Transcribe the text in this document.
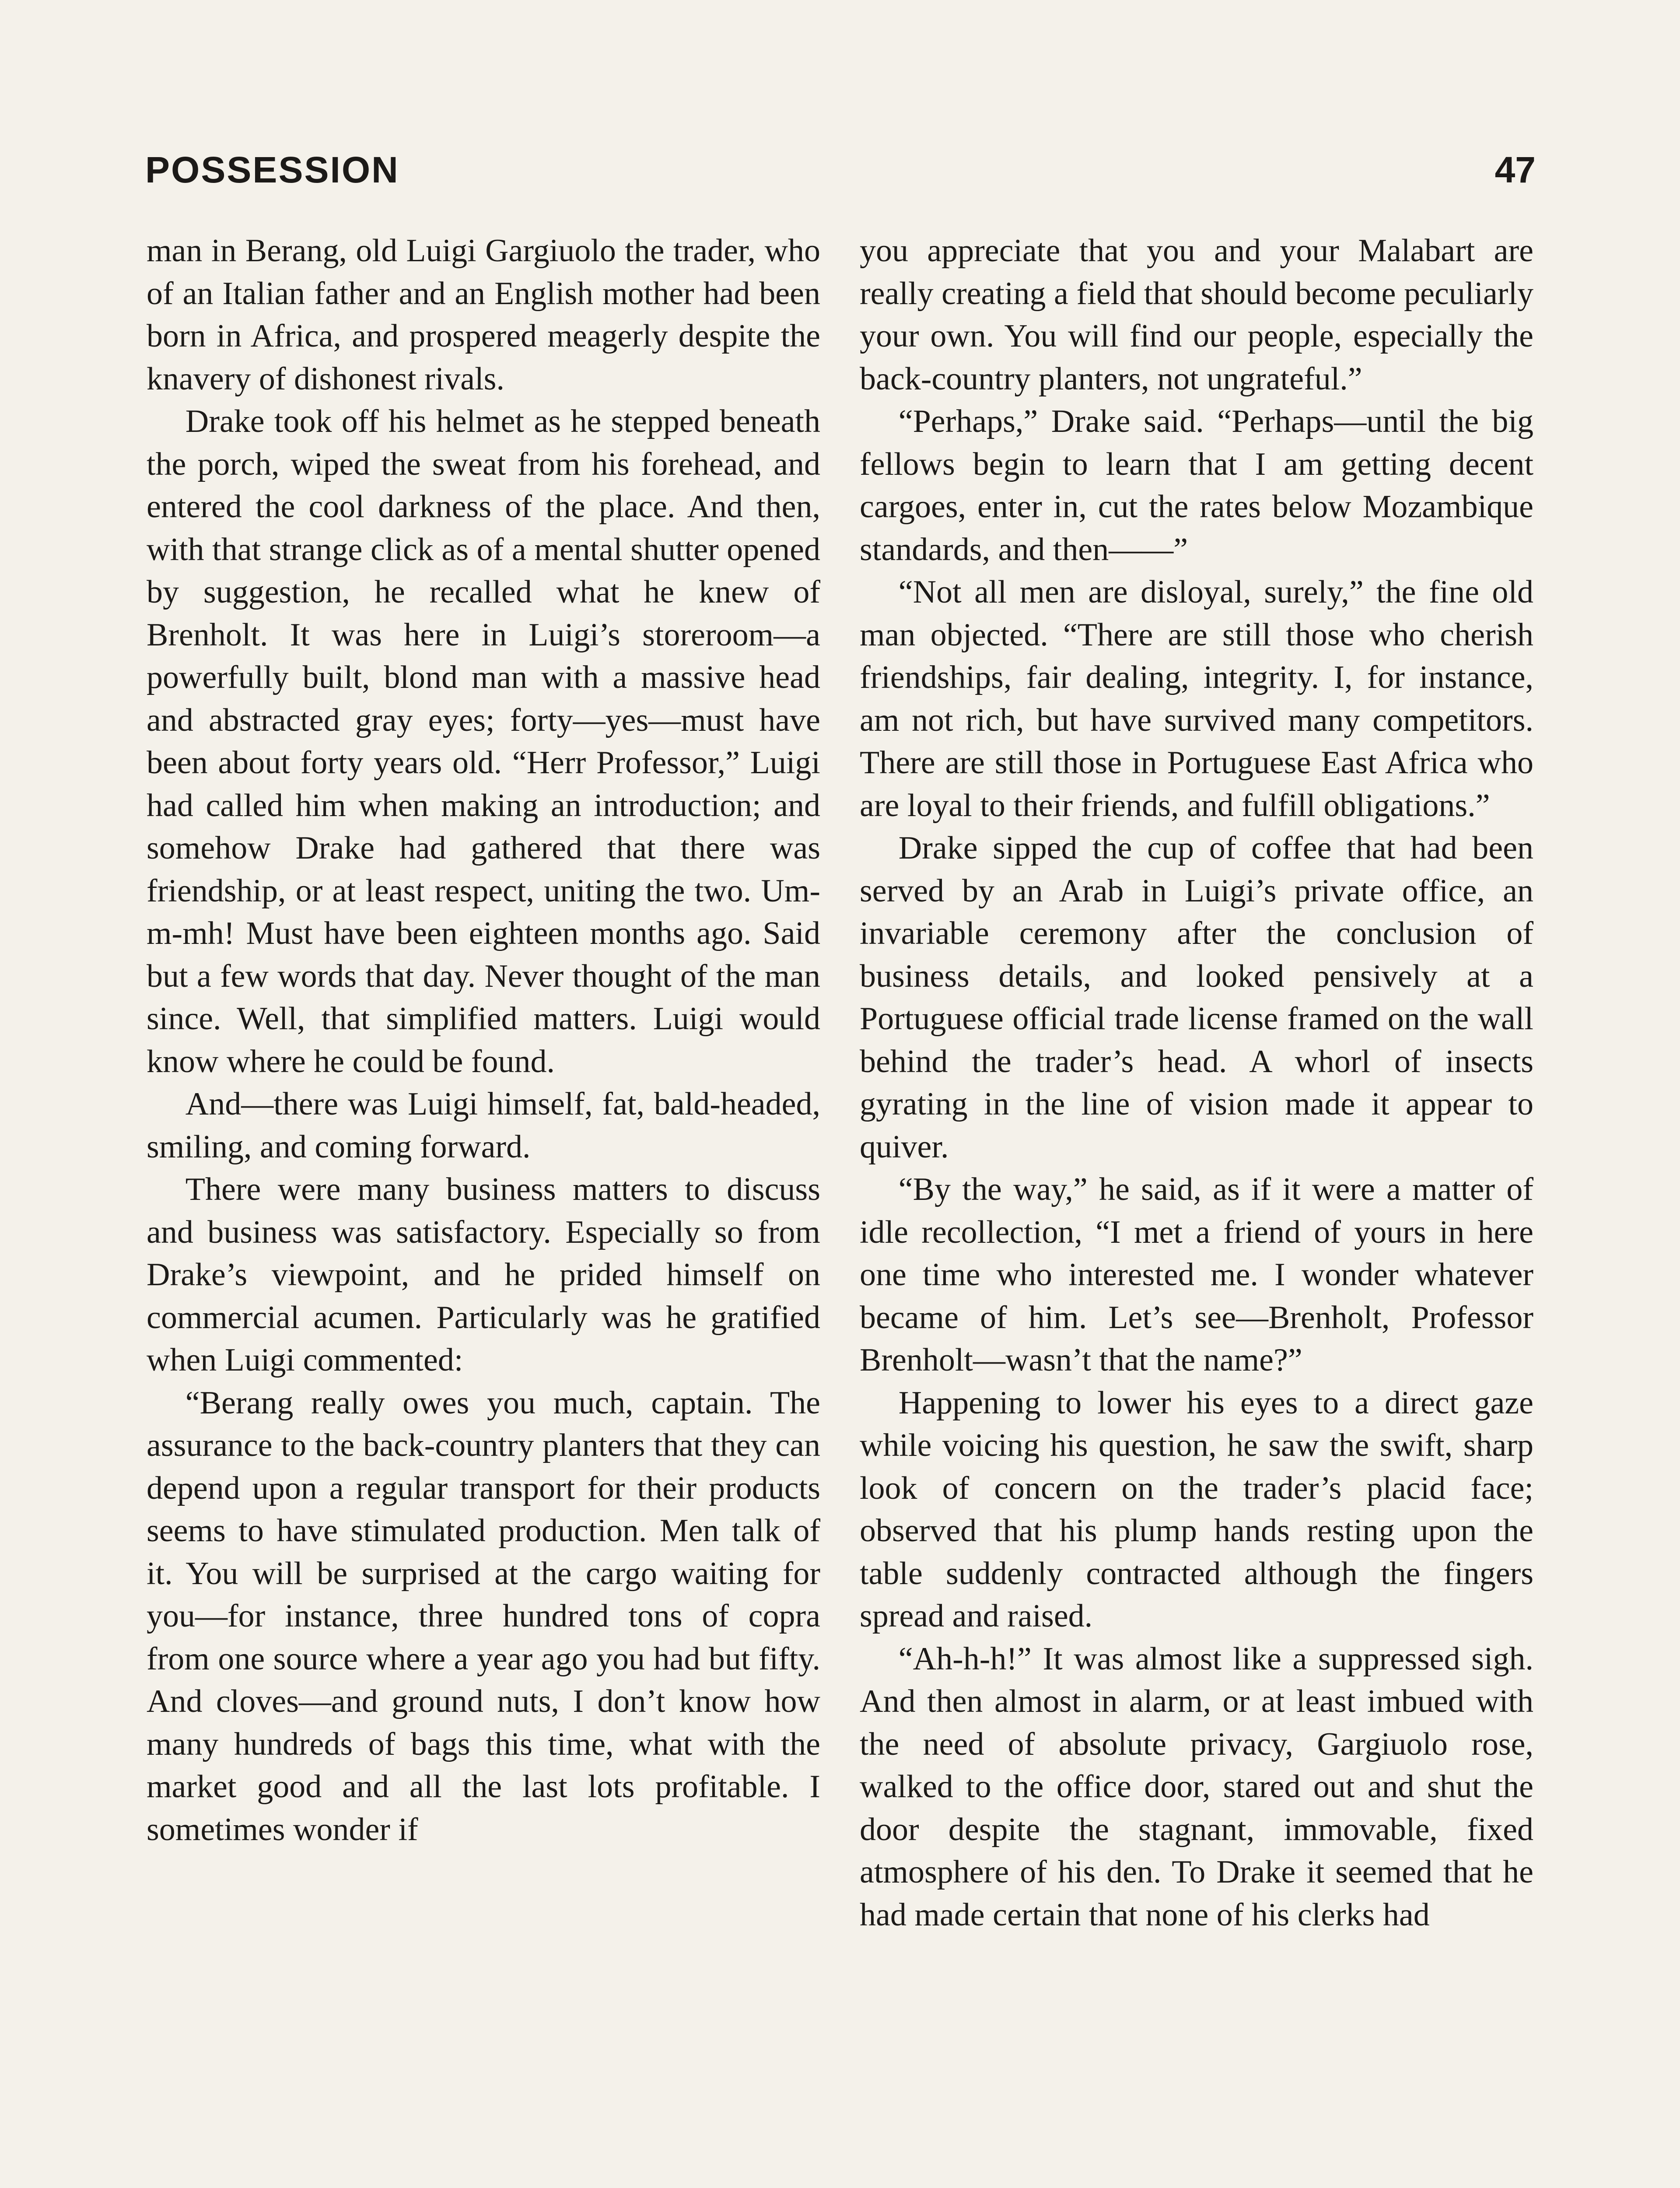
POSSESSION	47

man in Berang, old Luigi Gargiuolo the trader, who of an Italian father and an English mother had been born in Africa, and prospered meagerly despite the knavery of dishonest rivals.

Drake took off his helmet as he stepped beneath the porch, wiped the sweat from his forehead, and entered the cool darkness of the place. And then, with that strange click as of a mental shutter opened by suggestion, he recalled what he knew of Brenholt. It was here in Luigi’s storeroom—a powerfully built, blond man with a massive head and abstracted gray eyes; forty—yes—must have been about forty years old. “Herr Professor,” Luigi had called him when making an introduction; and somehow Drake had gathered that there was friendship, or at least respect, uniting the two. Um-m-mh! Must have been eighteen months ago. Said but a few words that day. Never thought of the man since. Well, that simplified matters. Luigi would know where he could be found.

And—there was Luigi himself, fat, bald-headed, smiling, and coming forward.

There were many business matters to discuss and business was satisfactory. Especially so from Drake’s viewpoint, and he prided himself on commercial acumen. Particularly was he gratified when Luigi commented:

“Berang really owes you much, captain. The assurance to the back-country planters that they can depend upon a regular transport for their products seems to have stimulated production. Men talk of it. You will be surprised at the cargo waiting for you—for instance, three hundred tons of copra from one source where a year ago you had but fifty. And cloves—and ground nuts, I don’t know how many hundreds of bags this time, what with the market good and all the last lots profitable. I sometimes wonder if

you appreciate that you and your Malabart are really creating a field that should become peculiarly your own. You will find our people, especially the back-country planters, not ungrateful.”

“Perhaps,” Drake said. “Perhaps—until the big fellows begin to learn that I am getting decent cargoes, enter in, cut the rates below Mozambique standards, and then——”

“Not all men are disloyal, surely,” the fine old man objected. “There are still those who cherish friendships, fair dealing, integrity. I, for instance, am not rich, but have survived many competitors. There are still those in Portuguese East Africa who are loyal to their friends, and fulfill obligations.”

Drake sipped the cup of coffee that had been served by an Arab in Luigi’s private office, an invariable ceremony after the conclusion of business details, and looked pensively at a Portuguese official trade license framed on the wall behind the trader’s head. A whorl of insects gyrating in the line of vision made it appear to quiver.

“By the way,” he said, as if it were a matter of idle recollection, “I met a friend of yours in here one time who interested me. I wonder whatever became of him. Let’s see—Brenholt, Professor Brenholt—wasn’t that the name?”

Happening to lower his eyes to a direct gaze while voicing his question, he saw the swift, sharp look of concern on the trader’s placid face; observed that his plump hands resting upon the table suddenly contracted although the fingers spread and raised.

“Ah-h-h!” It was almost like a suppressed sigh. And then almost in alarm, or at least imbued with the need of absolute privacy, Gargiuolo rose, walked to the office door, stared out and shut the door despite the stagnant, immovable, fixed atmosphere of his den. To Drake it seemed that he had made certain that none of his clerks had
